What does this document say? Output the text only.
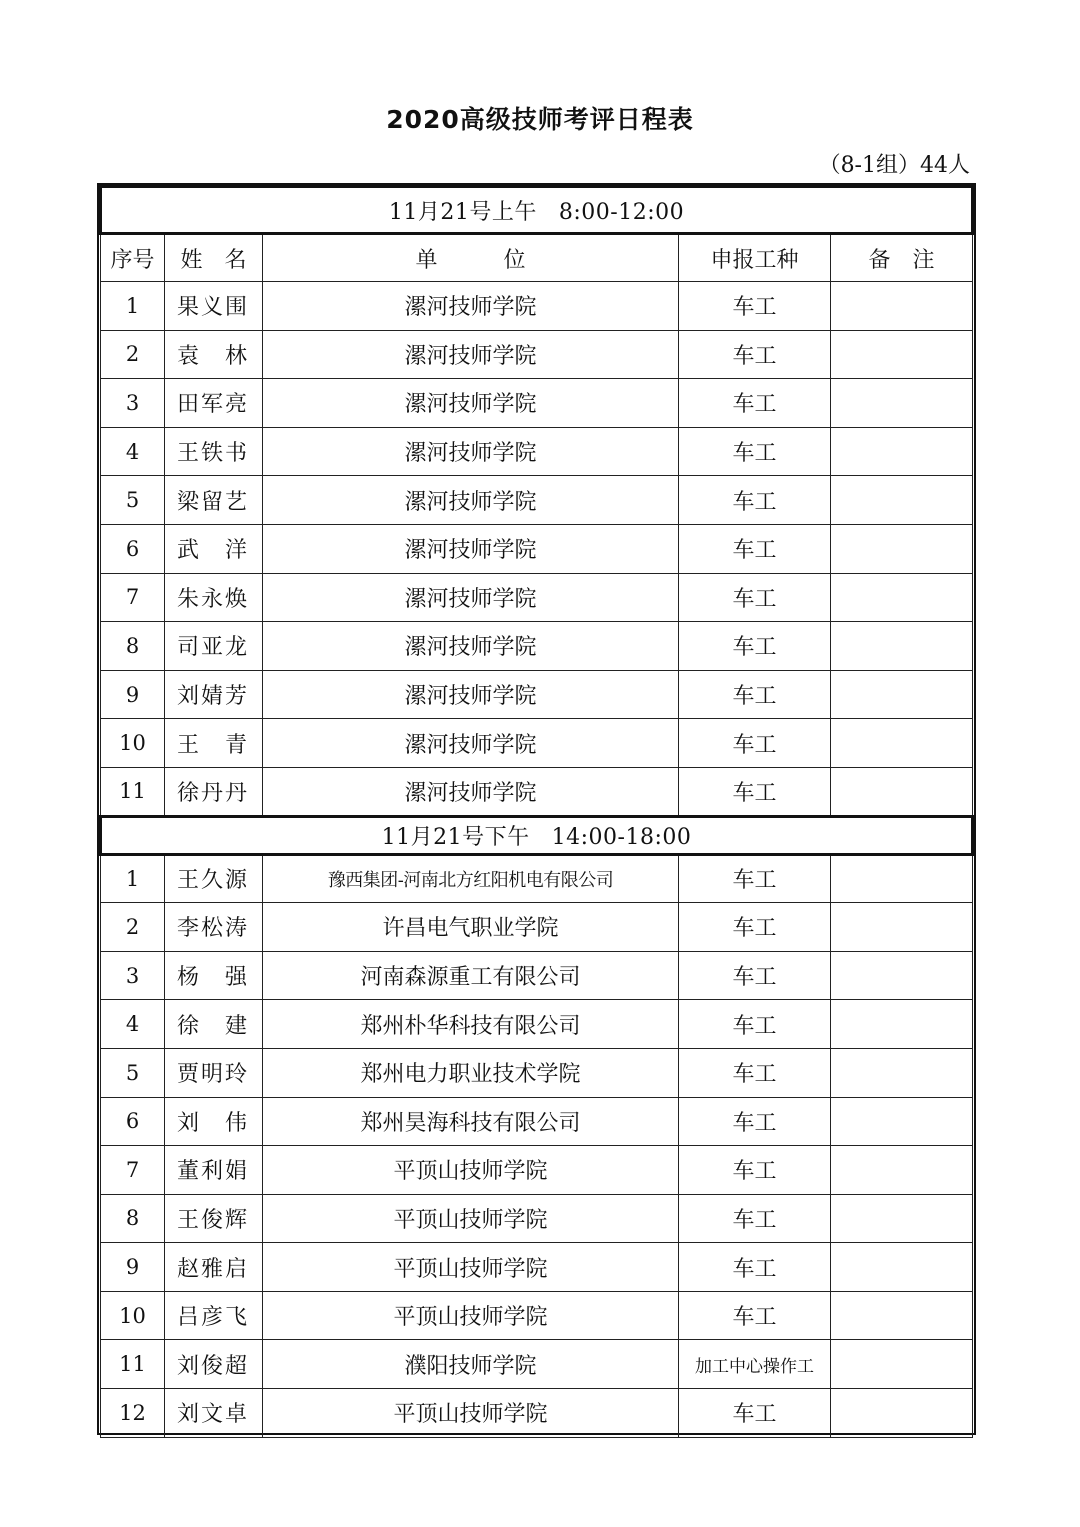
2020高级技师考评日程表
（8-1组）44人
11月21号上午 8:00-12:00				
序号	姓　名	单　　　位	申报工种	备　注
1	果义围	漯河技师学院	车工	
2	袁　林	漯河技师学院	车工	
3	田军亮	漯河技师学院	车工	
4	王铁书	漯河技师学院	车工	
5	梁留艺	漯河技师学院	车工	
6	武　洋	漯河技师学院	车工	
7	朱永焕	漯河技师学院	车工	
8	司亚龙	漯河技师学院	车工	
9	刘婧芳	漯河技师学院	车工	
10	王　青	漯河技师学院	车工	
11	徐丹丹	漯河技师学院	车工	
11月21号下午 14:00-18:00				
1	王久源	豫西集团-河南北方红阳机电有限公司	车工	
2	李松涛	许昌电气职业学院	车工	
3	杨　强	河南森源重工有限公司	车工	
4	徐　建	郑州朴华科技有限公司	车工	
5	贾明玲	郑州电力职业技术学院	车工	
6	刘　伟	郑州昊海科技有限公司	车工	
7	董利娟	平顶山技师学院	车工	
8	王俊辉	平顶山技师学院	车工	
9	赵雅启	平顶山技师学院	车工	
10	吕彦飞	平顶山技师学院	车工	
11	刘俊超	濮阳技师学院	加工中心操作工	
12	刘文卓	平顶山技师学院	车工	
